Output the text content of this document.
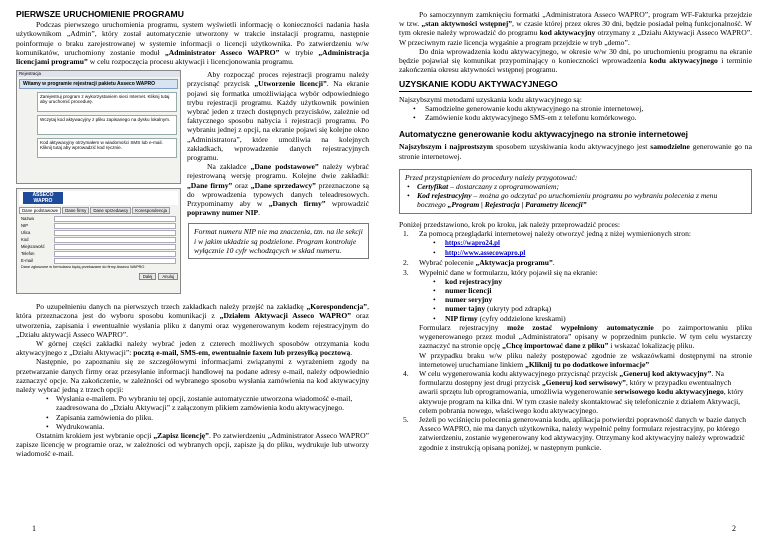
PIERWSZE URUCHOMIENIE PROGRAMU

Podczas pierwszego uruchomienia programu, system wyświetli informację o konieczności nadania hasła użytkownikom „Admin”, który został automatycznie utworzony w trakcie instalacji programu, następnie poinformuje o braku zarejestrowanej w systemie informacji o licencji użytkownika. Po zatwierdzeniu w/w komunikatów, uruchomiony zostanie moduł „Administrator Asseco WAPRO” w trybie „Administracja licencjami programu” w celu rozpoczęcia procesu aktywacji i licencjonowania programu.

Rejestracja
Witamy w programie rejestracji pakietu Asseco WAPRO
Zarejestruj program z wykorzystaniem sieci Internet. Kliknij tutaj aby uruchomić procedurę.
Wczytaj kod aktywacyjny z pliku zapisanego na dysku lokalnym.
Kod aktywacyjny otrzymałem w wiadomości SMS lub e-mail. Kliknij tutaj aby wprowadzić kod ręcznie.
ASSECO WAPRO
Dane podstawowe	Dane firmy	Dane sprzedawcy	Korespondencja
Nazwa
NIP
Ulica
Kod
Miejscowość
Telefon
E-mail
Dane zgłoszone w formularzu będą przekazane do firmy Asseco WAPRO
Dalej	Anuluj

Aby rozpocząć proces rejestracji programu należy przycisnąć przycisk „Utworzenie licencji”. Na ekranie pojawi się formatka umożliwiająca wybór odpowiedniego trybu rejestracji programu. Każdy użytkownik powinien wybrać jeden z trzech dostępnych przycisków, zależnie od faktycznego sposobu nabycia i rejestracji programu. Po wybraniu jednej z opcji, na ekranie pojawi się kolejne okno „Administratora”, które umożliwia na kolejnych zakładkach, wprowadzenie danych rejestracyjnych programu.

Na zakładce „Dane podstawowe” należy wybrać rejestrowaną wersję programu. Kolejne dwie zakładki: „Dane firmy” oraz „Dane sprzedawcy” przeznaczone są do wprowadzenia typowych danych teleadresowych. Przypominamy aby w „Danych firmy” wprowadzić poprawny numer NIP.

Format numeru NIP nie ma znaczenia, tzn. na ile sekcji i w jakim układzie są podzielone. Program kontroluje wyłącznie 10 cyfr wchodzących w skład numeru.

Po uzupełnieniu danych na pierwszych trzech zakładkach należy przejść na zakładkę „Korespondencja”, która przeznaczona jest do wyboru sposobu komunikacji z „Działem Aktywacji Asseco WAPRO” oraz utworzenia, zapisania i ewentualnie wysłania pliku z danymi oraz wygenerowanym kodem rejestracyjnym do „Działu aktywacji Asseco WAPRO”.

W górnej części zakładki należy wybrać jeden z czterech możliwych sposobów otrzymania kodu aktywacyjnego z „Działu Aktywacji”: pocztą e-mail, SMS-em, ewentualnie faxem lub przesyłką pocztową.

Następnie, po zapoznaniu się ze szczegółowymi informacjami związanymi z wyrażeniem zgody na przetwarzanie danych firmy oraz przesyłanie informacji handlowej na podane adresy e-mail, należy odpowiednio zaznaczyć opcje. Na zakończenie, w zależności od wybranego sposobu wysłania zamówienia na kod aktywacyjny należy wybrać jedną z trzech opcji:

• Wysłania e-mailem. Po wybraniu tej opcji, zostanie automatycznie utworzona wiadomość e-mail, zaadresowana do „Działu Aktywacji” z załączonym plikiem zamówienia kodu aktywacyjnego.
• Zapisania zamówienia do pliku.
• Wydrukowania.

Ostatnim krokiem jest wybranie opcji „Zapisz licencję”. Po zatwierdzeniu „Administrator Asseco WAPRO” zapisze licencję w programie oraz, w zależności od wybranych opcji, zapisze ją do pliku, wydrukuje lub utworzy wiadomość e-mail.

1

Po samoczynnym zamknięciu formatki „Administratora Asseco WAPRO”, program WF-Fakturka przejdzie w tzw. „stan aktywności wstępnej”, w czasie której przez okres 30 dni, będzie posiadał pełną funkcjonalność. W tym okresie należy wprowadzić do programu kod aktywacyjny otrzymany z „Działu Aktywacji Asseco WAPRO”. W przeciwnym razie licencja wygaśnie a program przejdzie w tryb „demo”.

Do dnia wprowadzenia kodu aktywacyjnego, w okresie w/w 30 dni, po uruchomieniu programu na ekranie będzie pojawiał się komunikat przypominający o konieczności wprowadzenia kodu aktywacyjnego i terminie zakończenia okresu aktywności wstępnej programu.

UZYSKANIE KODU AKTYWACYJNEGO

Najszybszymi metodami uzyskania kodu aktywacyjnego są:

• Samodzielne generowanie kodu aktywacyjnego na stronie internetowej,
• Zamówienie kodu aktywacyjnego SMS-em z telefonu komórkowego.
Automatyczne generowanie kodu aktywacyjnego na stronie internetowej

Najszybszym i najprostszym sposobem uzyskiwania kodu aktywacyjnego jest samodzielne generowanie go na stronie internetowej.

Przed przystąpieniem do procedury należy przygotować:
• Certyfikat – dostarczany z oprogramowaniem;
• Kod rejestracyjny – można go odczytać po uruchomieniu programu po wybraniu polecenia z menu bocznego „Program | Rejestracja | Parametry licencji”

Poniżej przedstawiono, krok po kroku, jak należy przeprowadzić proces:

1. Za pomocą przeglądarki internetowej należy otworzyć jedną z niżej wymienionych stron:
• https://wapro24.pl
• http://www.assecowapro.pl
2. Wybrać polecenie „Aktywacja programu”.
3. Wypełnić dane w formularzu, który pojawił się na ekranie:
• kod rejestracyjny
• numer licencji
• numer seryjny
• numer tajny (ukryty pod zdrapką)
• NIP firmy (cyfry oddzielone kreskami)

Formularz rejestracyjny może zostać wypełniony automatycznie po zaimportowaniu pliku wygenerowanego przez moduł „Administratora” opisany w poprzednim punkcie. W tym celu wystarczy zaznaczyć na stronie opcję „Chcę importować dane z pliku” i wskazać lokalizację pliku.

W przypadku braku w/w pliku należy postępować zgodnie ze wskazówkami dostępnymi na stronie internetowej uruchamiane linkiem „Kliknij tu po dodatkowe informacje”

4. W celu wygenerowania kodu aktywacyjnego przycisnąć przycisk „Generuj kod aktywacyjny”. Na formularzu dostępny jest drugi przycisk „Generuj kod serwisowy”, który w przypadku ewentualnych awarii sprzętu lub oprogramowania, umożliwia wygenerowanie serwisowego kodu aktywacyjnego, który aktywuje program na kilka dni. W tym czasie należy skontaktować się telefonicznie z działem Aktywacji, celem pobrania nowego, właściwego kodu aktywacyjnego.
5. Jeżeli po wciśnięciu polecenia generowania kodu, aplikacja potwierdzi poprawność danych w bazie danych Asseco WAPRO, nie ma danych użytkownika, należy wypełnić pełny formularz rejestracyjny, po którego zatwierdzeniu, zostanie wygenerowany kod aktywacyjny. Otrzymany kod aktywacyjny należy wprowadzić zgodnie z instrukcją opisaną poniżej, w następnym punkcie.
2
